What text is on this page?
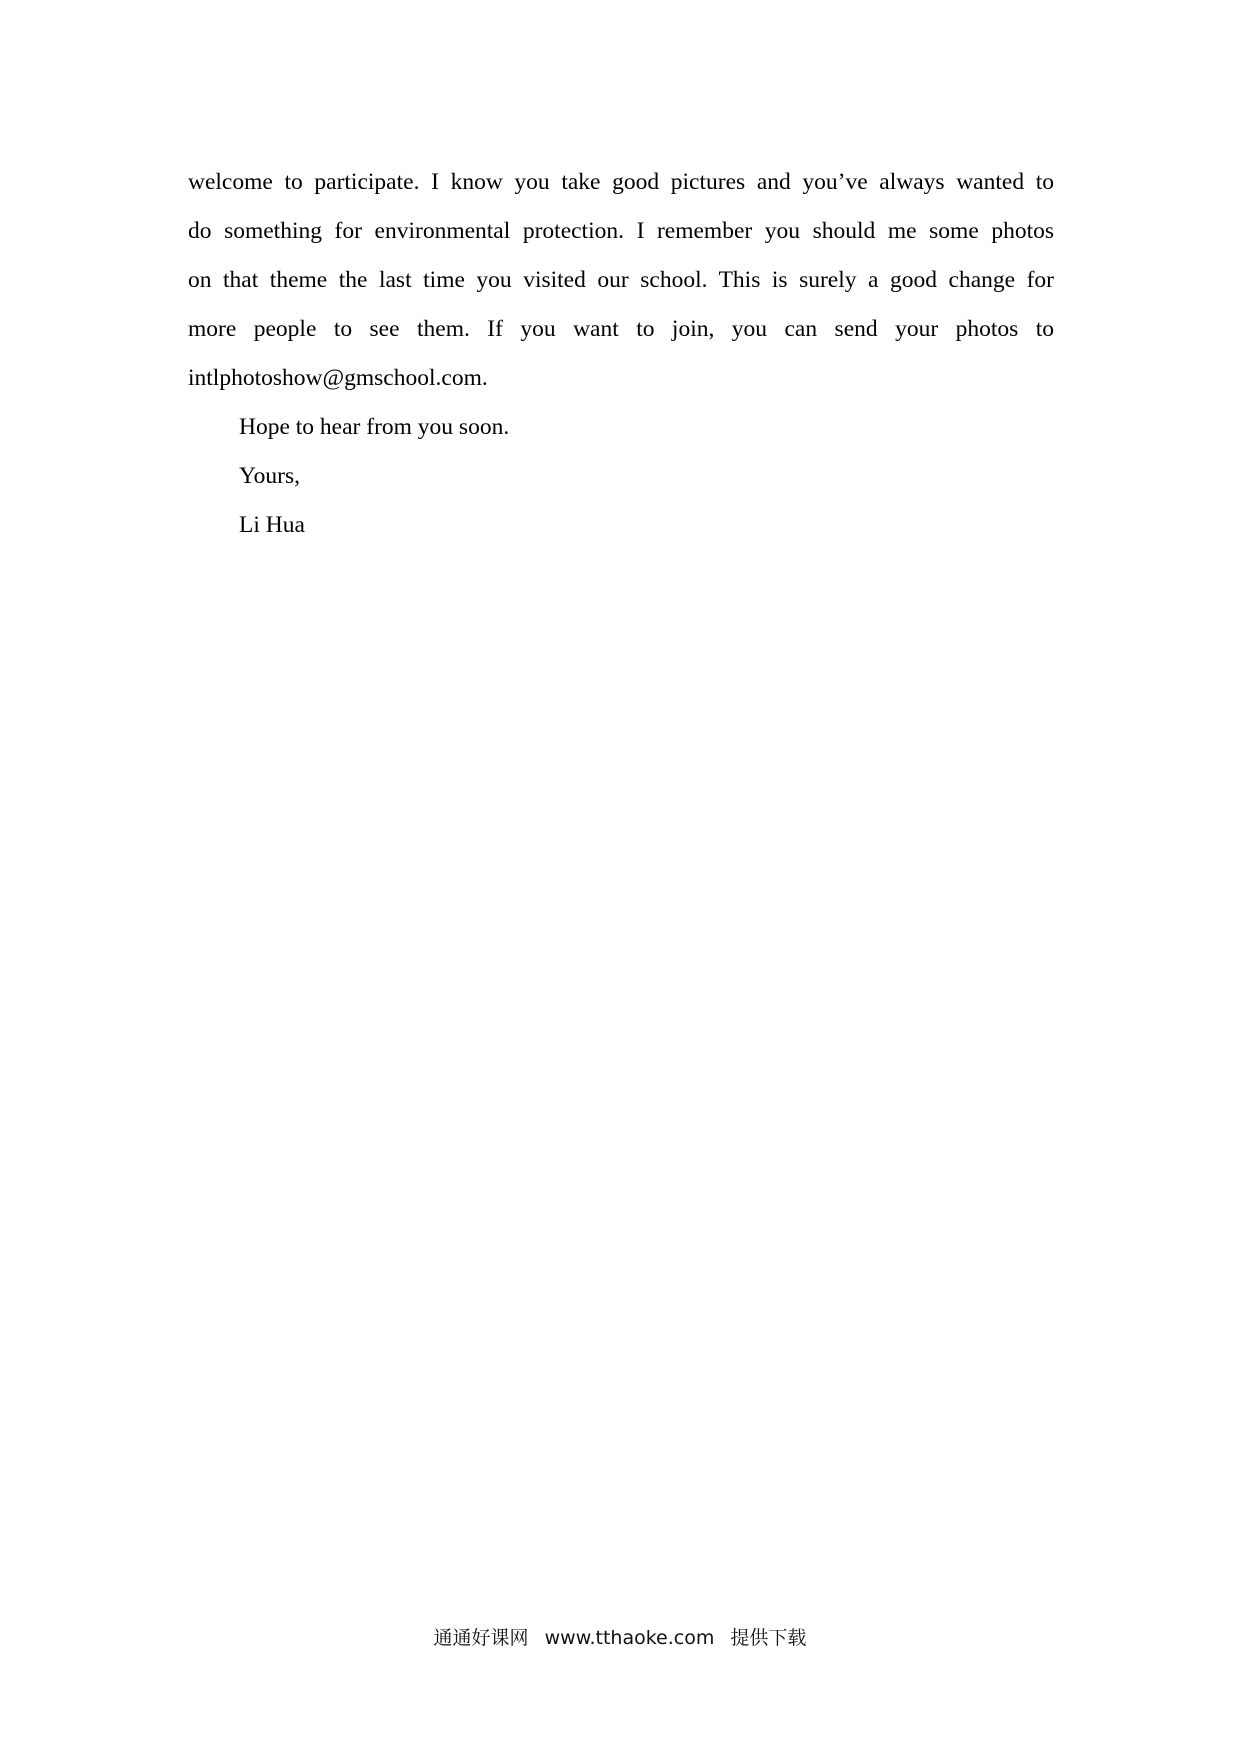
welcome to participate. I know you take good pictures and you’ve always wanted to
do something for environmental protection. I remember you should me some photos
on that theme the last time you visited our school. This is surely a good change for
more people to see them. If you want to join, you can send your photos to
intlphotoshow@gmschool.com.

Hope to hear from you soon.

Yours,

Li Hua

通通好课网 www.tthaoke.com 提供下载
